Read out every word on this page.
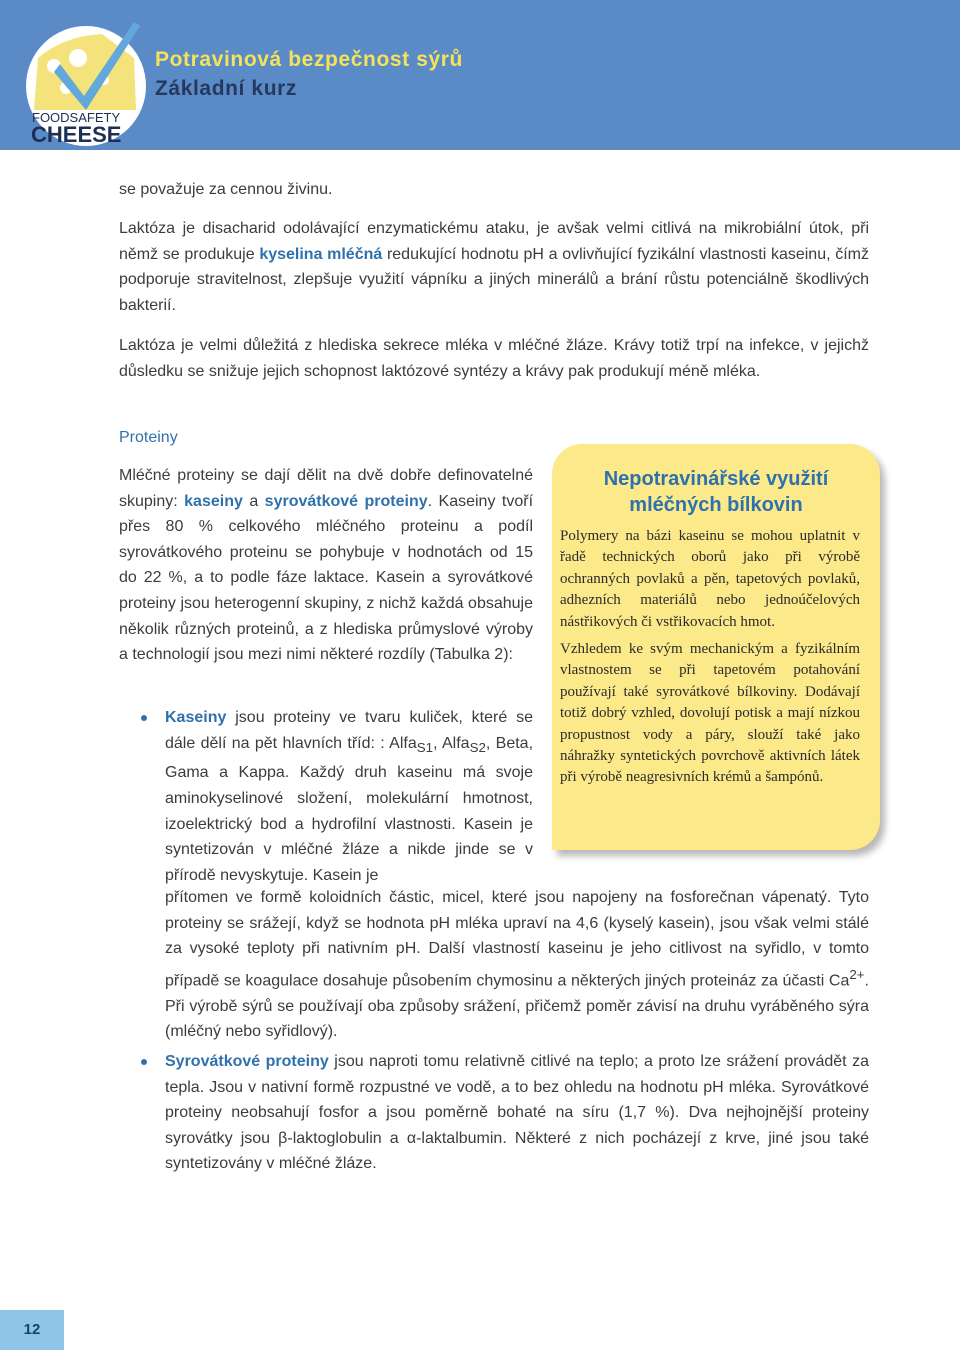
FOODSAFETY
CHEESE
Potravinová bezpečnost sýrů
Základní kurz
se považuje za cennou živinu.
Laktóza je disacharid odolávající enzymatickému ataku, je avšak velmi citlivá na mikrobiální útok, při němž se produkuje kyselina mléčná redukující hodnotu pH a ovlivňující fyzikální vlastnosti kaseinu, čímž podporuje stravitelnost, zlepšuje využití vápníku a jiných minerálů a brání růstu potenciálně škodlivých bakterií.
Laktóza je velmi důležitá z hlediska sekrece mléka v mléčné žláze. Krávy totiž trpí na infekce, v jejichž důsledku se snižuje jejich schopnost laktózové syntézy a krávy pak produkují méně mléka.
Proteiny
Mléčné proteiny se dají dělit na dvě dobře definovatelné skupiny: kaseiny a syrovátkové proteiny. Kaseiny tvoří přes 80 % celkového mléčného proteinu a podíl syrovátkového proteinu se pohybuje v hodnotách od 15 do 22 %, a to podle fáze laktace. Kasein a syrovátkové proteiny jsou heterogenní skupiny, z nichž každá obsahuje několik různých proteinů, a z hlediska průmyslové výroby a technologií jsou mezi nimi některé rozdíly (Tabulka 2):
Kaseiny jsou proteiny ve tvaru kuliček, které se dále dělí na pět hlavních tříd: : Alfa$_{S1}$, Alfa$_{S2}$, Beta, Gama a Kappa. Každý druh kaseinu má svoje aminokyselinové složení, molekulární hmotnost, izoelektrický bod a hydrofilní vlastnosti. Kasein je syntetizován v mléčné žláze a nikde jinde se v přírodě nevyskytuje. Kasein je
přítomen ve formě koloidních částic, micel, které jsou napojeny na fosforečnan vápenatý. Tyto proteiny se srážejí, když se hodnota pH mléka upraví na 4,6 (kyselý kasein), jsou však velmi stálé za vysoké teploty při nativním pH. Další vlastností kaseinu je jeho citlivost na syřidlo, v tomto případě se koagulace dosahuje působením chymosinu a některých jiných proteináz za účasti $Ca^{2+}$. Při výrobě sýrů se používají oba způsoby srážení, přičemž poměr závisí na druhu vyráběného sýra (mléčný nebo syřidlový).
Syrovátkové proteiny jsou naproti tomu relativně citlivé na teplo; a proto lze srážení provádět za tepla. Jsou v nativní formě rozpustné ve vodě, a to bez ohledu na hodnotu pH mléka. Syrovátkové proteiny neobsahují fosfor a jsou poměrně bohaté na síru (1,7 %). Dva nejhojnější proteiny syrovátky jsou β-laktoglobulin a α-laktalbumin. Některé z nich pocházejí z krve, jiné jsou také syntetizovány v mléčné žláze.
Nepotravinářské využití
mléčných bílkovin

Polymery na bázi kaseinu se mohou uplatnit v řadě technických oborů jako při výrobě ochranných povlaků a pěn, tapetových povlaků, adhezních materiálů nebo jednoúčelových nástřikových či vstřikovacích hmot.

Vzhledem ke svým mechanickým a fyzikálním vlastnostem se při tapetovém potahování používají také syrovátkové bílkoviny. Dodávají totiž dobrý vzhled, dovolují potisk a mají nízkou propustnost vody a páry, slouží také jako náhražky syntetických povrchově aktivních látek při výrobě neagresivních krémů a šampónů.

12
